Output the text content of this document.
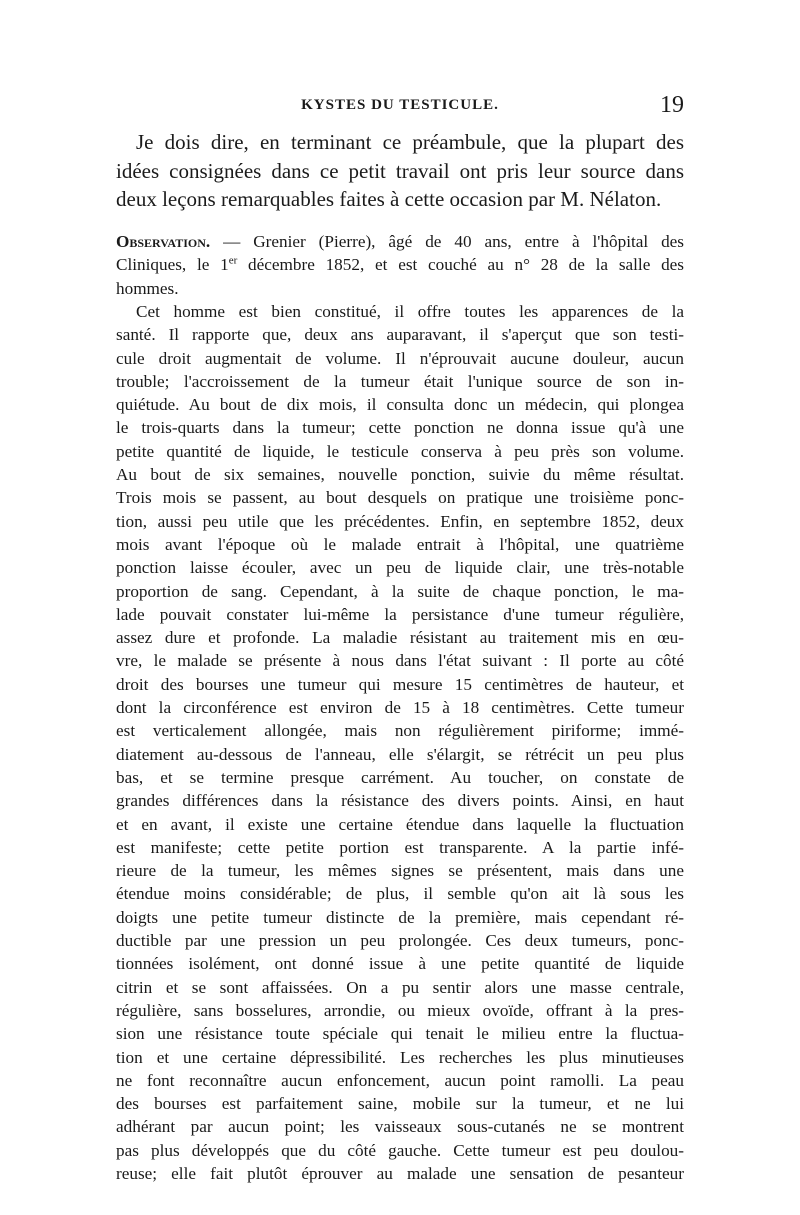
KYSTES DU TESTICULE.	19
Je dois dire, en terminant ce préambule, que la plupart des
idées consignées dans ce petit travail ont pris leur source dans
deux leçons remarquables faites à cette occasion par M. Nélaton.
Observation. — Grenier (Pierre), âgé de 40 ans, entre à l'hôpital des
Cliniques, le 1er décembre 1852, et est couché au n° 28 de la salle des
hommes.
Cet homme est bien constitué, il offre toutes les apparences de la
santé. Il rapporte que, deux ans auparavant, il s'aperçut que son testi-
cule droit augmentait de volume. Il n'éprouvait aucune douleur, aucun
trouble; l'accroissement de la tumeur était l'unique source de son in-
quiétude. Au bout de dix mois, il consulta donc un médecin, qui plongea
le trois-quarts dans la tumeur; cette ponction ne donna issue qu'à une
petite quantité de liquide, le testicule conserva à peu près son volume.
Au bout de six semaines, nouvelle ponction, suivie du même résultat.
Trois mois se passent, au bout desquels on pratique une troisième ponc-
tion, aussi peu utile que les précédentes. Enfin, en septembre 1852, deux
mois avant l'époque où le malade entrait à l'hôpital, une quatrième
ponction laisse écouler, avec un peu de liquide clair, une très-notable
proportion de sang. Cependant, à la suite de chaque ponction, le ma-
lade pouvait constater lui-même la persistance d'une tumeur régulière,
assez dure et profonde. La maladie résistant au traitement mis en œu-
vre, le malade se présente à nous dans l'état suivant : Il porte au côté
droit des bourses une tumeur qui mesure 15 centimètres de hauteur, et
dont la circonférence est environ de 15 à 18 centimètres. Cette tumeur
est verticalement allongée, mais non régulièrement piriforme; immé-
diatement au-dessous de l'anneau, elle s'élargit, se rétrécit un peu plus
bas, et se termine presque carrément. Au toucher, on constate de
grandes différences dans la résistance des divers points. Ainsi, en haut
et en avant, il existe une certaine étendue dans laquelle la fluctuation
est manifeste; cette petite portion est transparente. A la partie infé-
rieure de la tumeur, les mêmes signes se présentent, mais dans une
étendue moins considérable; de plus, il semble qu'on ait là sous les
doigts une petite tumeur distincte de la première, mais cependant ré-
ductible par une pression un peu prolongée. Ces deux tumeurs, ponc-
tionnées isolément, ont donné issue à une petite quantité de liquide
citrin et se sont affaissées. On a pu sentir alors une masse centrale,
régulière, sans bosselures, arrondie, ou mieux ovoïde, offrant à la pres-
sion une résistance toute spéciale qui tenait le milieu entre la fluctua-
tion et une certaine dépressibilité. Les recherches les plus minutieuses
ne font reconnaître aucun enfoncement, aucun point ramolli. La peau
des bourses est parfaitement saine, mobile sur la tumeur, et ne lui
adhérant par aucun point; les vaisseaux sous-cutanés ne se montrent
pas plus développés que du côté gauche. Cette tumeur est peu doulou-
reuse; elle fait plutôt éprouver au malade une sensation de pesanteur
